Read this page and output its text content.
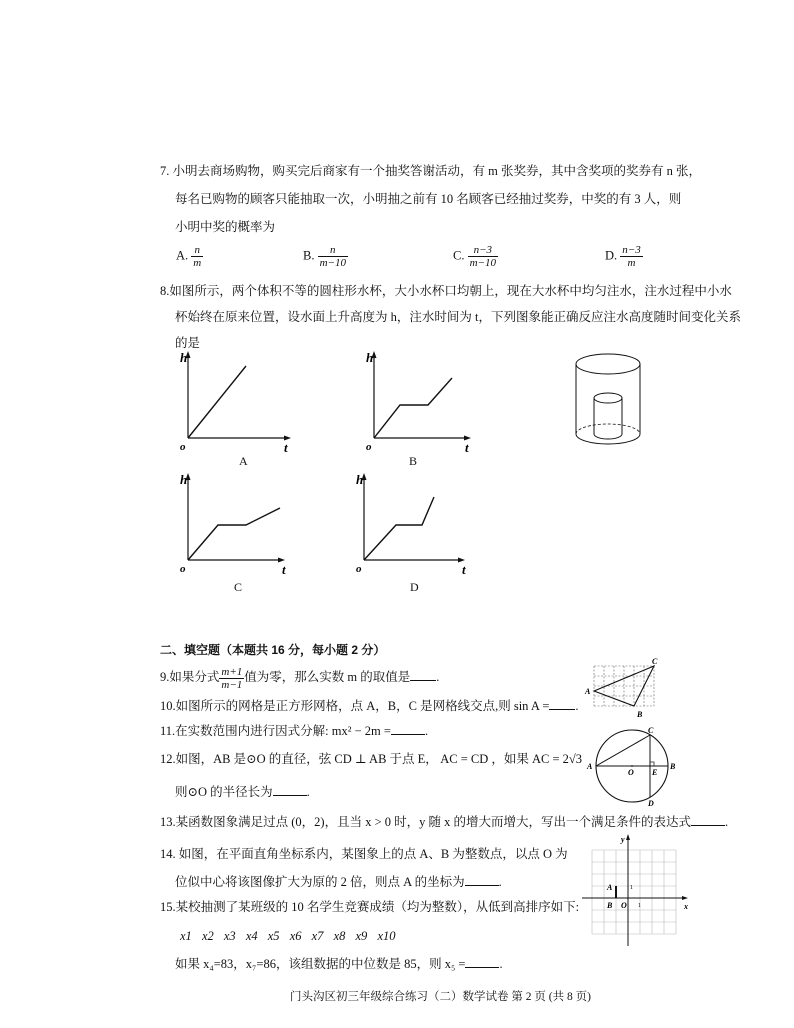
7. 小明去商场购物，购买完后商家有一个抽奖答谢活动，有 m 张奖券，其中含奖项的奖券有 n 张，
每名已购物的顾客只能抽取一次，小明抽之前有 10 名顾客已经抽过奖券，中奖的有 3 人，则
小明中奖的概率为
A. $\frac{n}{m}$	B. $\frac{n}{m-10}$	C. $\frac{n-3}{m-10}$	D. $\frac{n-3}{m}$
8.如图所示，两个体积不等的圆柱形水杯，大小水杯口均朝上，现在大水杯中均匀注水，注水过程中小水
杯始终在原来位置，设水面上升高度为 h，注水时间为 t，下列图象能正确反应注水高度随时间变化关系
的是
h
t
o
A
h
t
o
B
h
t
o
C
h
t
o
D
二、填空题（本题共 16 分，每小题 2 分）
9.如果分式 $\frac{m+1}{m-1}$ 值为零，那么实数 m 的取值是 .
10.如图所示的网格是正方形网格，点 A，B，C 是网格线交点,则 sin A = .
A
C
B
11.在实数范围内进行因式分解: mx² − 2m =	.
12.如图，AB 是⊙O 的直径，弦 CD ⊥ AB 于点 E， AC = CD ，如果 AC = 2√3
则⊙O 的半径长为	.
A	B
C
D
O E
13.某函数图象满足过点 (0，2)，且当 x > 0 时，y 随 x 的增大而增大，写出一个满足条件的表达式	.
14. 如图，在平面直角坐标系内，某图象上的点 A、B 为整数点，以点 O 为
位似中心将该图像扩大为原的 2 倍，则点 A 的坐标为	.
y
x
A
B O 1
1
15.某校抽测了某班级的 10 名学生竞赛成绩（均为整数），从低到高排序如下:
x1 x2 x3 x4 x5 x6 x7 x8 x9 x10
如果 x₄=83，x₇=86，该组数据的中位数是 85，则 x₅ =	.
门头沟区初三年级综合练习（二）数学试卷 第 2 页 (共 8 页)
